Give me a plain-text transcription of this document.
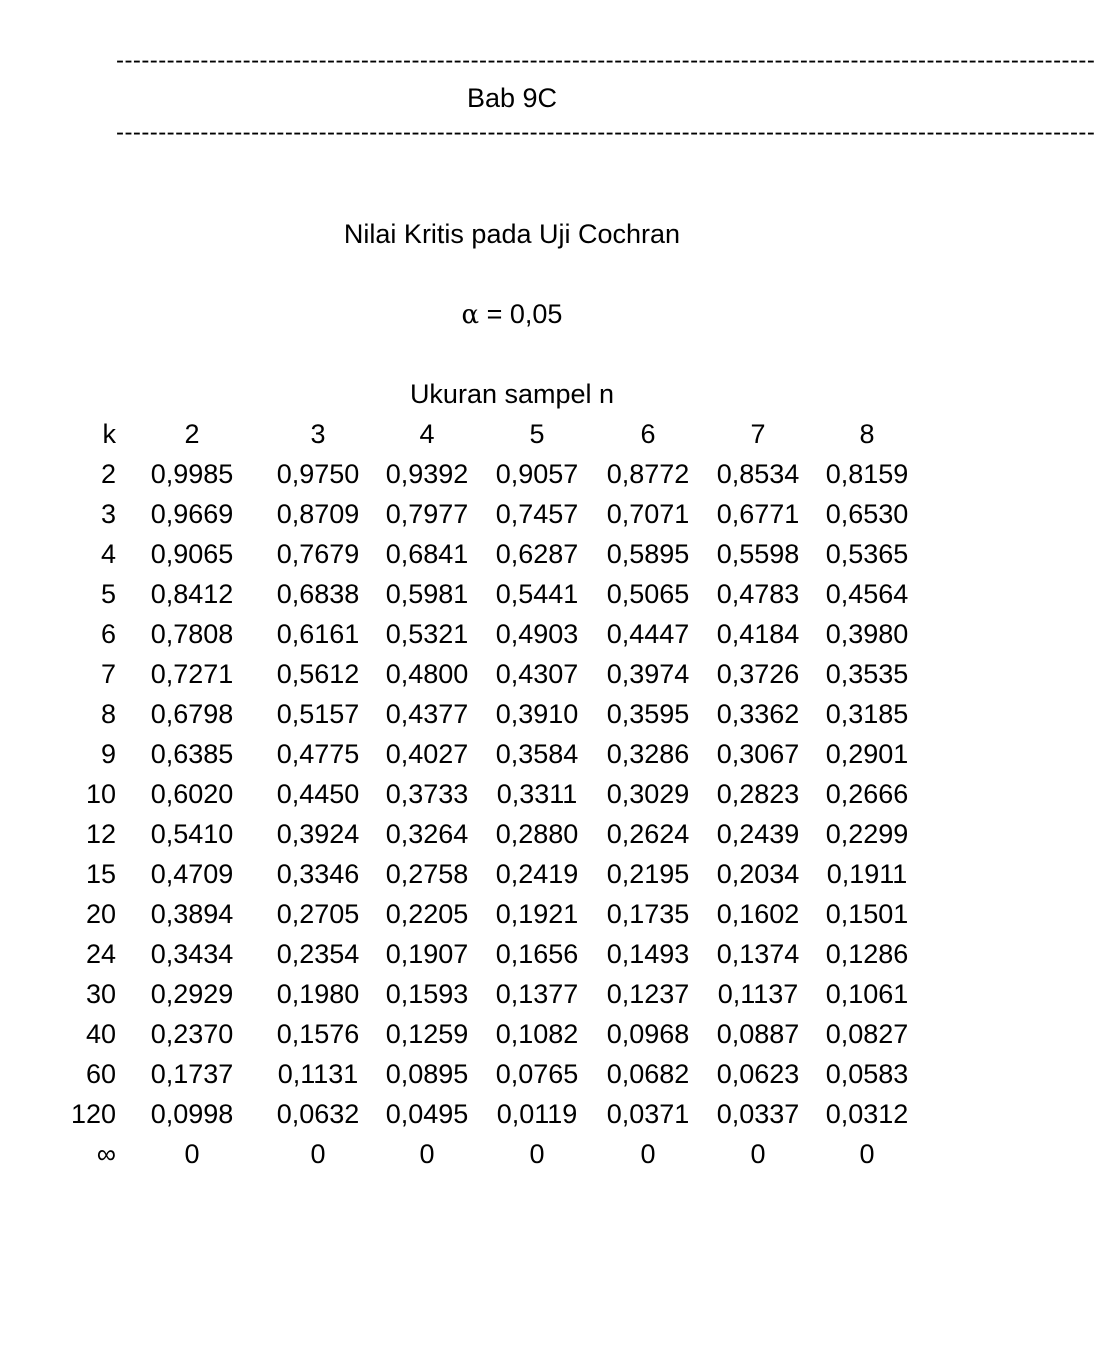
--------------------------------------------------------------------------------------------------------------------
Bab 9C
--------------------------------------------------------------------------------------------------------------------
Nilai Kritis pada Uji Cochran
α = 0,05
Ukuran sampel n
k	2	3	4	5	6	7	8
2	0,9985	0,9750	0,9392	0,9057	0,8772	0,8534	0,8159
3	0,9669	0,8709	0,7977	0,7457	0,7071	0,6771	0,6530
4	0,9065	0,7679	0,6841	0,6287	0,5895	0,5598	0,5365
5	0,8412	0,6838	0,5981	0,5441	0,5065	0,4783	0,4564
6	0,7808	0,6161	0,5321	0,4903	0,4447	0,4184	0,3980
7	0,7271	0,5612	0,4800	0,4307	0,3974	0,3726	0,3535
8	0,6798	0,5157	0,4377	0,3910	0,3595	0,3362	0,3185
9	0,6385	0,4775	0,4027	0,3584	0,3286	0,3067	0,2901
10	0,6020	0,4450	0,3733	0,3311	0,3029	0,2823	0,2666
12	0,5410	0,3924	0,3264	0,2880	0,2624	0,2439	0,2299
15	0,4709	0,3346	0,2758	0,2419	0,2195	0,2034	0,1911
20	0,3894	0,2705	0,2205	0,1921	0,1735	0,1602	0,1501
24	0,3434	0,2354	0,1907	0,1656	0,1493	0,1374	0,1286
30	0,2929	0,1980	0,1593	0,1377	0,1237	0,1137	0,1061
40	0,2370	0,1576	0,1259	0,1082	0,0968	0,0887	0,0827
60	0,1737	0,1131	0,0895	0,0765	0,0682	0,0623	0,0583
120	0,0998	0,0632	0,0495	0,0119	0,0371	0,0337	0,0312
∞	0	0	0	0	0	0	0
